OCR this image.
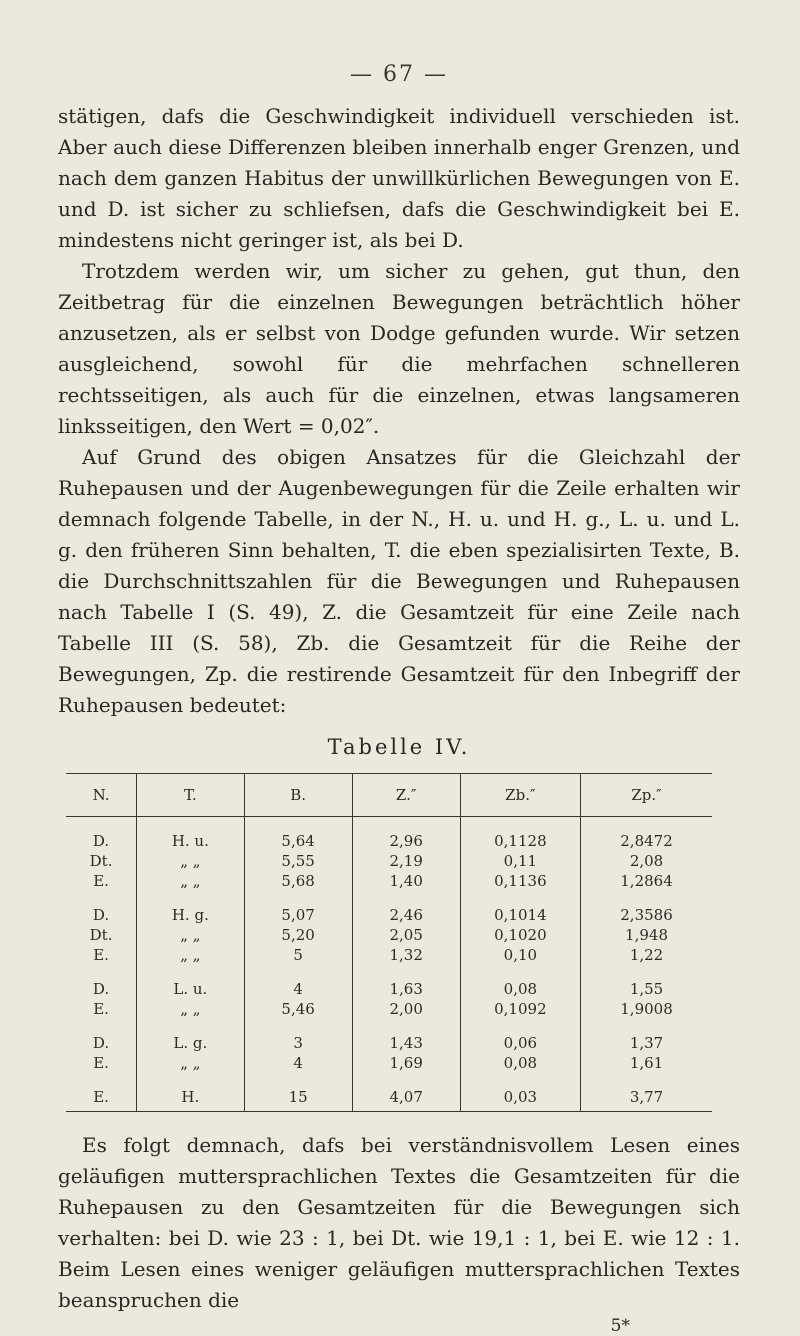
— 67 —

stätigen, dafs die Geschwindigkeit individuell verschieden ist. Aber auch diese Differenzen bleiben innerhalb enger Grenzen, und nach dem ganzen Habitus der unwillkürlichen Bewegungen von E. und D. ist sicher zu schliefsen, dafs die Geschwindigkeit bei E. mindestens nicht geringer ist, als bei D.

Trotzdem werden wir, um sicher zu gehen, gut thun, den Zeitbetrag für die einzelnen Bewegungen beträchtlich höher anzusetzen, als er selbst von Dodge gefunden wurde. Wir setzen ausgleichend, sowohl für die mehrfachen schnelleren rechtsseitigen, als auch für die einzelnen, etwas langsameren linksseitigen, den Wert = 0,02″.

Auf Grund des obigen Ansatzes für die Gleichzahl der Ruhepausen und der Augenbewegungen für die Zeile erhalten wir demnach folgende Tabelle, in der N., H. u. und H. g., L. u. und L. g. den früheren Sinn behalten, T. die eben spezialisirten Texte, B. die Durchschnittszahlen für die Bewegungen und Ruhepausen nach Tabelle I (S. 49), Z. die Gesamtzeit für eine Zeile nach Tabelle III (S. 58), Zb. die Gesamtzeit für die Reihe der Bewegungen, Zp. die restirende Gesamtzeit für den Inbegriff der Ruhepausen bedeutet:

Tabelle IV.
N.	T.	B.	Z.″	Zb.″	Zp.″
D.	H. u.	5,64	2,96	0,1128	2,8472
Dt.	„ „	5,55	2,19	0,11	2,08
E.	„ „	5,68	1,40	0,1136	1,2864
D.	H. g.	5,07	2,46	0,1014	2,3586
Dt.	„ „	5,20	2,05	0,1020	1,948
E.	„ „	5	1,32	0,10	1,22
D.	L. u.	4	1,63	0,08	1,55
E.	„ „	5,46	2,00	0,1092	1,9008
D.	L. g.	3	1,43	0,06	1,37
E.	„ „	4	1,69	0,08	1,61
E.	H.	15	4,07	0,03	3,77

Es folgt demnach, dafs bei verständnisvollem Lesen eines geläufigen muttersprachlichen Textes die Gesamtzeiten für die Ruhepausen zu den Gesamtzeiten für die Bewegungen sich verhalten: bei D. wie 23 : 1, bei Dt. wie 19,1 : 1, bei E. wie 12 : 1. Beim Lesen eines weniger geläufigen muttersprachlichen Textes beanspruchen die

5*
